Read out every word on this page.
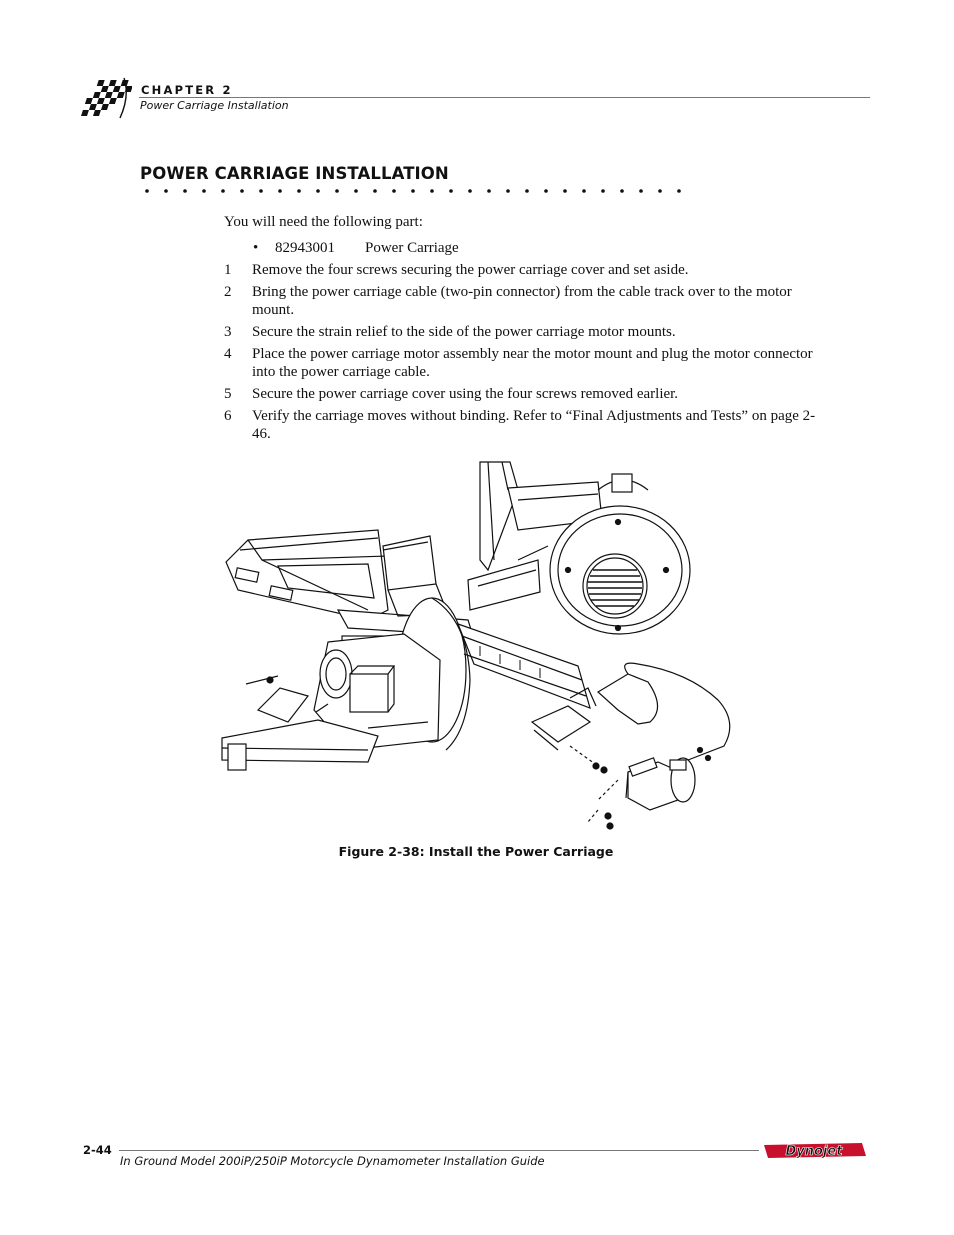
CHAPTER 2
Power Carriage Installation
POWER CARRIAGE INSTALLATION
You will need the following part:
• 82943001 Power Carriage
1 Remove the four screws securing the power carriage cover and set aside.
2 Bring the power carriage cable (two-pin connector) from the cable track over to the motor mount.
3 Secure the strain relief to the side of the power carriage motor mounts.
4 Place the power carriage motor assembly near the motor mount and plug the motor connector into the power carriage cable.
5 Secure the power carriage cover using the four screws removed earlier.
6 Verify the carriage moves without binding. Refer to “Final Adjustments and Tests” on page 2-46.
Figure 2-38: Install the Power Carriage
2-44
In Ground Model 200iP/250iP Motorcycle Dynamometer Installation Guide
Dynojet
